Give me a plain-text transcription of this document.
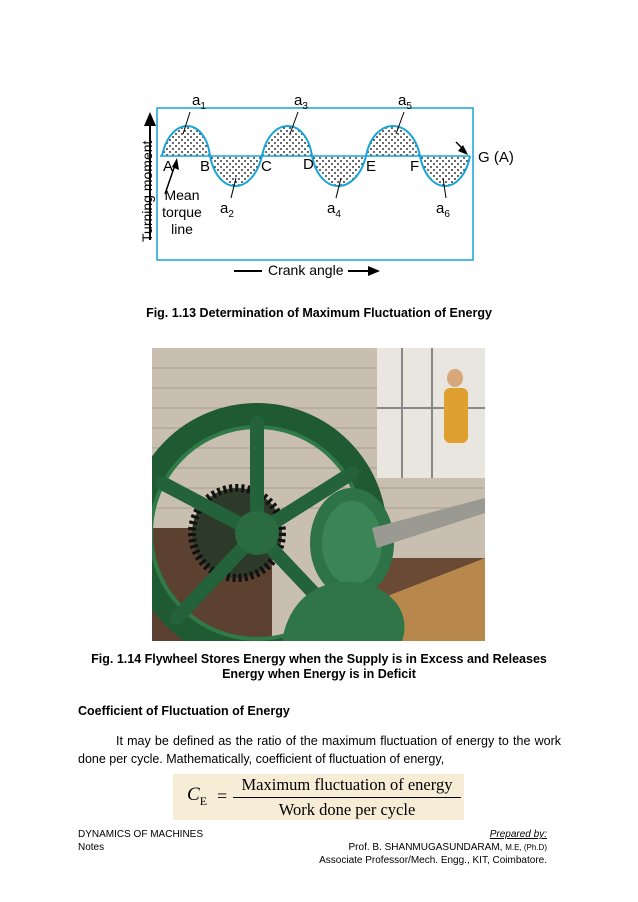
$a_1$	$a_3$	$a_5$
$a_2$	$a_4$	$a_6$
A B	C D	E F
G (A)
Turning moment Mean
torque
line
Crank angle
Fig. 1.13 Determination of Maximum Fluctuation of Energy
Fig. 1.14 Flywheel Stores Energy when the Supply is in Excess and Releases
Energy when Energy is in Deficit
Coefficient of Fluctuation of Energy
It may be defined as the ratio of the maximum fluctuation of energy to the work done per cycle. Mathematically, coefficient of fluctuation of energy,
$C_E$ =
Maximum fluctuation of energy
Work done per cycle
DYNAMICS OF MACHINES
Notes
Prepared by:
Prof. B. SHANMUGASUNDARAM, M.E, (Ph.D)
Associate Professor/Mech. Engg., KIT, Coimbatore.
